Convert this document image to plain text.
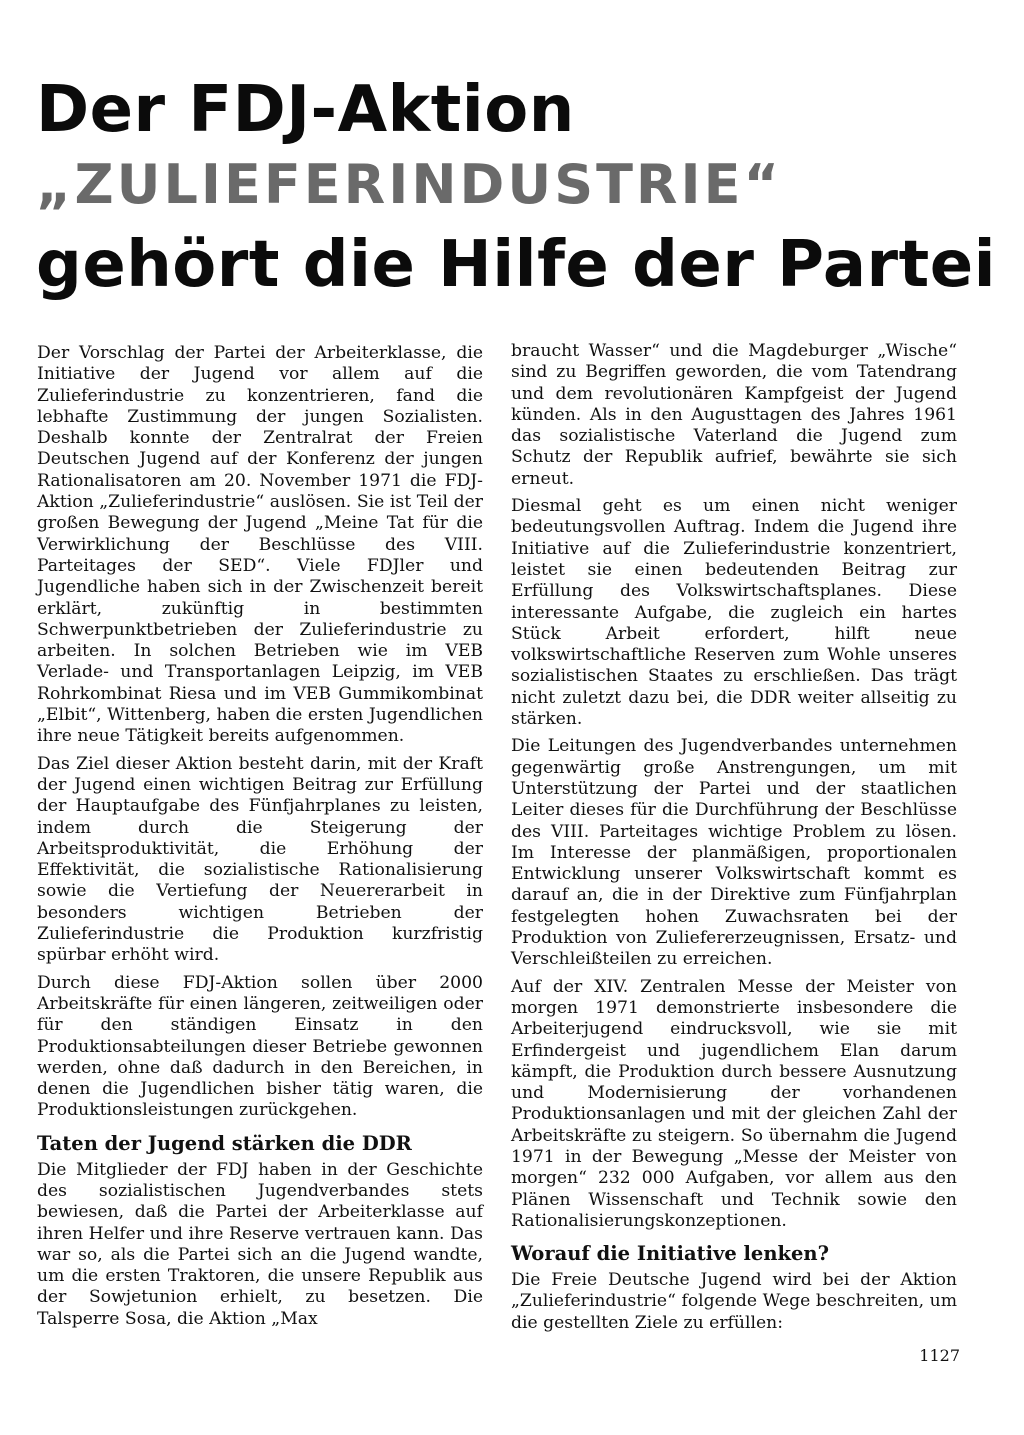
Der FDJ-Aktion
„ZULIEFERINDUSTRIE“
gehört die Hilfe der Partei

Der Vorschlag der Partei der Arbeiterklasse, die Initiative der Jugend vor allem auf die Zulieferindustrie zu konzentrieren, fand die lebhafte Zustimmung der jungen Sozialisten. Deshalb konnte der Zentralrat der Freien Deutschen Jugend auf der Konferenz der jungen Rationalisatoren am 20. November 1971 die FDJ-Aktion „Zulieferindustrie“ auslösen. Sie ist Teil der großen Bewegung der Jugend „Meine Tat für die Verwirklichung der Beschlüsse des VIII. Parteitages der SED“. Viele FDJler und Jugendliche haben sich in der Zwischenzeit bereit erklärt, zukünftig in bestimmten Schwerpunktbetrieben der Zulieferindustrie zu arbeiten. In solchen Betrieben wie im VEB Verlade- und Transportanlagen Leipzig, im VEB Rohrkombinat Riesa und im VEB Gummikombinat „Elbit“, Wittenberg, haben die ersten Jugendlichen ihre neue Tätigkeit bereits aufgenommen.

Das Ziel dieser Aktion besteht darin, mit der Kraft der Jugend einen wichtigen Beitrag zur Erfüllung der Hauptaufgabe des Fünfjahrplanes zu leisten, indem durch die Steigerung der Arbeitsproduktivität, die Erhöhung der Effektivität, die sozialistische Rationalisierung sowie die Vertiefung der Neuererarbeit in besonders wichtigen Betrieben der Zulieferindustrie die Produktion kurzfristig spürbar erhöht wird.

Durch diese FDJ-Aktion sollen über 2000 Arbeitskräfte für einen längeren, zeitweiligen oder für den ständigen Einsatz in den Produktionsabteilungen dieser Betriebe gewonnen werden, ohne daß dadurch in den Bereichen, in denen die Jugendlichen bisher tätig waren, die Produktionsleistungen zurückgehen.

Taten der Jugend stärken die DDR

Die Mitglieder der FDJ haben in der Geschichte des sozialistischen Jugendverbandes stets bewiesen, daß die Partei der Arbeiterklasse auf ihren Helfer und ihre Reserve vertrauen kann. Das war so, als die Partei sich an die Jugend wandte, um die ersten Traktoren, die unsere Republik aus der Sowjetunion erhielt, zu besetzen. Die Talsperre Sosa, die Aktion „Max

braucht Wasser“ und die Magdeburger „Wische“ sind zu Begriffen geworden, die vom Tatendrang und dem revolutionären Kampfgeist der Jugend künden. Als in den Augusttagen des Jahres 1961 das sozialistische Vaterland die Jugend zum Schutz der Republik aufrief, bewährte sie sich erneut.

Diesmal geht es um einen nicht weniger bedeutungsvollen Auftrag. Indem die Jugend ihre Initiative auf die Zulieferindustrie konzentriert, leistet sie einen bedeutenden Beitrag zur Erfüllung des Volkswirtschaftsplanes. Diese interessante Aufgabe, die zugleich ein hartes Stück Arbeit erfordert, hilft neue volkswirtschaftliche Reserven zum Wohle unseres sozialistischen Staates zu erschließen. Das trägt nicht zuletzt dazu bei, die DDR weiter allseitig zu stärken.

Die Leitungen des Jugendverbandes unternehmen gegenwärtig große Anstrengungen, um mit Unterstützung der Partei und der staatlichen Leiter dieses für die Durchführung der Beschlüsse des VIII. Parteitages wichtige Problem zu lösen. Im Interesse der planmäßigen, proportionalen Entwicklung unserer Volkswirtschaft kommt es darauf an, die in der Direktive zum Fünfjahrplan festgelegten hohen Zuwachsraten bei der Produktion von Zuliefererzeugnissen, Ersatz- und Verschleißteilen zu erreichen.

Auf der XIV. Zentralen Messe der Meister von morgen 1971 demonstrierte insbesondere die Arbeiterjugend eindrucksvoll, wie sie mit Erfindergeist und jugendlichem Elan darum kämpft, die Produktion durch bessere Ausnutzung und Modernisierung der vorhandenen Produktionsanlagen und mit der gleichen Zahl der Arbeitskräfte zu steigern. So übernahm die Jugend 1971 in der Bewegung „Messe der Meister von morgen“ 232 000 Aufgaben, vor allem aus den Plänen Wissenschaft und Technik sowie den Rationalisierungskonzeptionen.

Worauf die Initiative lenken?

Die Freie Deutsche Jugend wird bei der Aktion „Zulieferindustrie“ folgende Wege beschreiten, um die gestellten Ziele zu erfüllen:

1127
